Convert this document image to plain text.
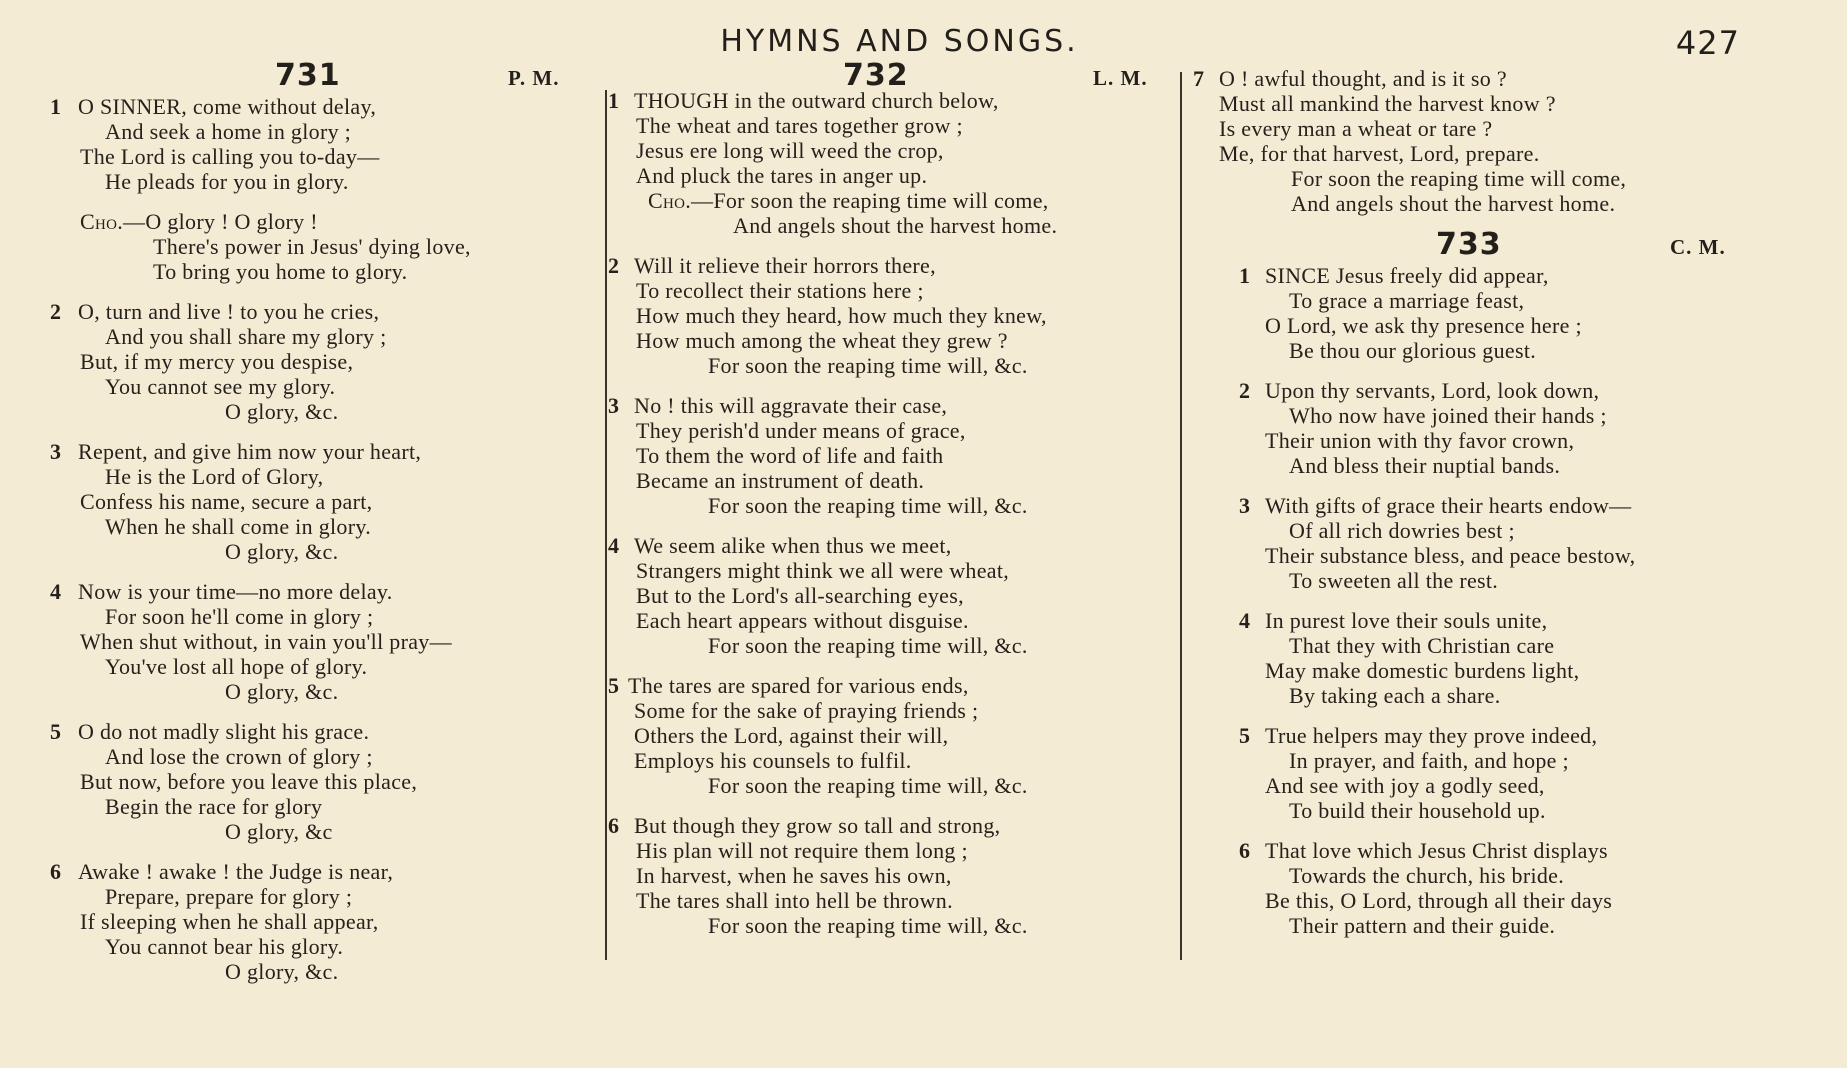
HYMNS AND SONGS.	427
731	P. M.
1 O SINNER, come without delay,
And seek a home in glory ;
The Lord is calling you to-day—
He pleads for you in glory.
Cho.—O glory ! O glory !
There's power in Jesus' dying love,
To bring you home to glory.
2 O, turn and live ! to you he cries,
And you shall share my glory ;
But, if my mercy you despise,
You cannot see my glory.
O glory, &c.
3 Repent, and give him now your heart,
He is the Lord of Glory,
Confess his name, secure a part,
When he shall come in glory.
O glory, &c.
4 Now is your time—no more delay.
For soon he'll come in glory ;
When shut without, in vain you'll pray—
You've lost all hope of glory.
O glory, &c.
5 O do not madly slight his grace.
And lose the crown of glory ;
But now, before you leave this place,
Begin the race for glory
O glory, &c
6 Awake ! awake ! the Judge is near,
Prepare, prepare for glory ;
If sleeping when he shall appear,
You cannot bear his glory.
O glory, &c.
732	L. M.
1 THOUGH in the outward church below,
The wheat and tares together grow ;
Jesus ere long will weed the crop,
And pluck the tares in anger up.
Cho.—For soon the reaping time will come,
And angels shout the harvest home.
2 Will it relieve their horrors there,
To recollect their stations here ;
How much they heard, how much they knew,
How much among the wheat they grew ?
For soon the reaping time will, &c.
3 No ! this will aggravate their case,
They perish'd under means of grace,
To them the word of life and faith
Became an instrument of death.
For soon the reaping time will, &c.
4 We seem alike when thus we meet,
Strangers might think we all were wheat,
But to the Lord's all-searching eyes,
Each heart appears without disguise.
For soon the reaping time will, &c.
5 The tares are spared for various ends,
Some for the sake of praying friends ;
Others the Lord, against their will,
Employs his counsels to fulfil.
For soon the reaping time will, &c.
6 But though they grow so tall and strong,
His plan will not require them long ;
In harvest, when he saves his own,
The tares shall into hell be thrown.
For soon the reaping time will, &c.
7 O ! awful thought, and is it so ?
Must all mankind the harvest know ?
Is every man a wheat or tare ?
Me, for that harvest, Lord, prepare.
For soon the reaping time will come,
And angels shout the harvest home.
733	C. M.
1 SINCE Jesus freely did appear,
To grace a marriage feast,
O Lord, we ask thy presence here ;
Be thou our glorious guest.
2 Upon thy servants, Lord, look down,
Who now have joined their hands ;
Their union with thy favor crown,
And bless their nuptial bands.
3 With gifts of grace their hearts endow—
Of all rich dowries best ;
Their substance bless, and peace bestow,
To sweeten all the rest.
4 In purest love their souls unite,
That they with Christian care
May make domestic burdens light,
By taking each a share.
5 True helpers may they prove indeed,
In prayer, and faith, and hope ;
And see with joy a godly seed,
To build their household up.
6 That love which Jesus Christ displays
Towards the church, his bride.
Be this, O Lord, through all their days
Their pattern and their guide.
